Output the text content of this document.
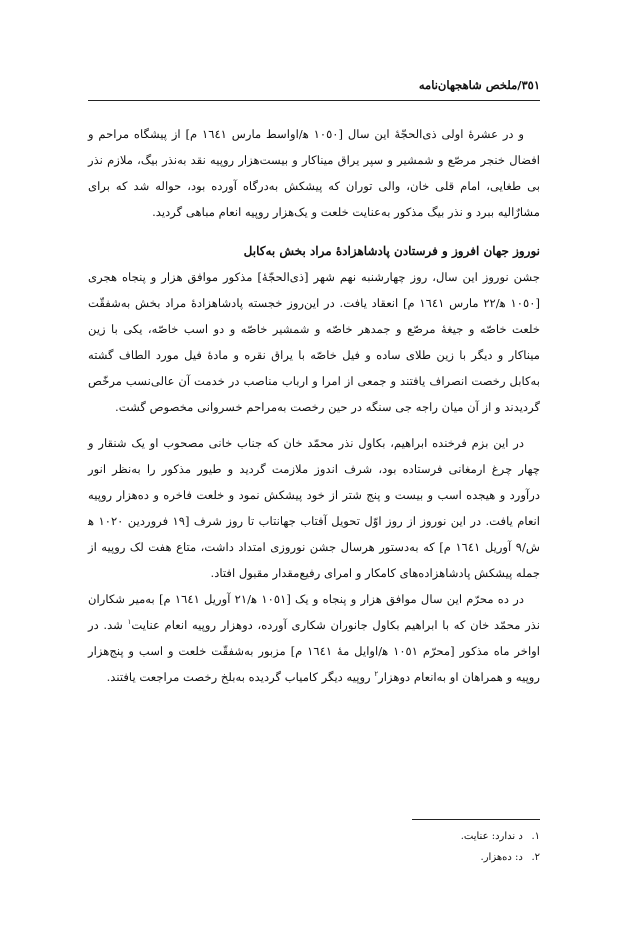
٣٥١/ملخص شاهجهان‌نامه

و در عشرۀ اولی ذی‌الحجّۀ این سال [١٠٥٠ ه‍/اواسط مارس ١٦٤١ م] از پیشگاه مراحم و افضال خنجر مرصّع و شمشیر و سپر یراق میناکار و بیست‌هزار روپیه نقد به‌نذر بیگ، ملازم نذر بی طغایی، امام قلی خان، والی توران که پیشکش به‌درگاه آورده بود، حواله شد که برای مشارٌالیه ببرد و نذر بیگ مذکور به‌عنایت خلعت و یک‌هزار روپیه انعام مباهی گردید.

نوروز جهان افروز و فرستادن پادشاهزادۀ مراد بخش به‌کابل

جشن نوروز این سال، روز چهارشنبه نهم شهر [ذی‌الحجّۀ] مذکور موافق هزار و پنجاه هجری [١٠٥٠ ه‍/٢٢ مارس ١٦٤١ م] انعقاد یافت. در این‌روز خجسته پادشاهزادۀ مراد بخش به‌شفقّت خلعت خاصّه و جیغۀ مرصّع و جمدهر خاصّه و شمشیر خاصّه و دو اسب خاصّه، یکی با زین میناکار و دیگر با زین طلای ساده و فیل خاصّه با یراق نقره و مادۀ فیل مورد الطاف گشته به‌کابل رخصت انصراف یافتند و جمعی از امرا و ارباب مناصب در خدمت آن عالی‌نسب مرخّص گردیدند و از آن میان راجه جی سنگه در حین رخصت به‌مراحم خسروانی مخصوص گشت.

در این بزم فرخنده ابراهیم، بکاول نذر محمّد خان که جناب خانی مصحوب او یک شنقار و چهار چرغ ارمغانی فرستاده بود، شرف اندوز ملازمت گردید و طیور مذکور را به‌نظر انور درآورد و هیجده اسب و بیست و پنج شتر از خود پیشکش نمود و خلعت فاخره و ده‌هزار روپیه انعام یافت. در این نوروز از روز اوّل تحویل آفتاب جهانتاب تا روز شرف [١٩ فروردین ١٠٢٠ ه‍ ش/٩ آوریل ١٦٤١ م] که به‌دستور هرسال جشن نوروزی امتداد داشت، متاع هفت لک روپیه از جمله پیشکش پادشاهزاده‌های کامکار و امرای رفیع‌مقدار مقبول افتاد.

در ده محرّم این سال موافق هزار و پنجاه و یک [١٠٥١ ه‍/٢١ آوریل ١٦٤١ م] به‌میر شکاران نذر محمّد خان که با ابراهیم بکاول جانوران شکاری آورده، دوهزار روپیه انعام عنایت$^١$ شد. در اواخر ماه مذکور [محرّم ١٠٥١ ه‍/اوایل مۀ ١٦٤١ م] مزبور به‌شفقّت خلعت و اسب و پنج‌هزار روپیه و همراهان او به‌انعام دوهزار$^٢$ روپیه دیگر کامیاب گردیده به‌بلخ رخصت مراجعت یافتند.

١. د ندارد: عنایت.
٢. د: ده‌هزار.
